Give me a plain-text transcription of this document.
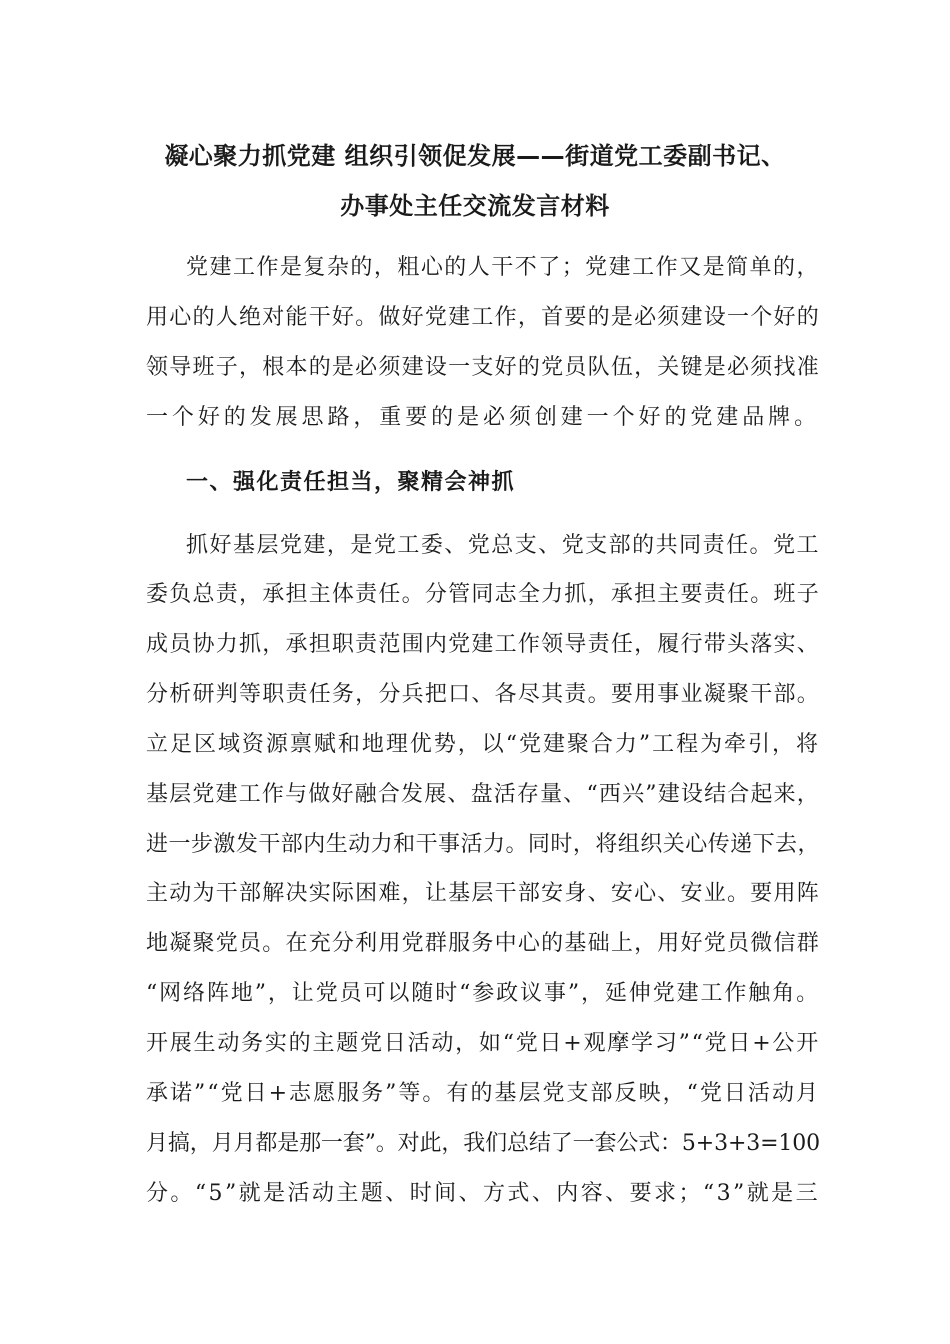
凝心聚力抓党建 组织引领促发展——街道党工委副书记、
办事处主任交流发言材料
党建工作是复杂的，粗心的人干不了；党建工作又是简单的，
用心的人绝对能干好。做好党建工作，首要的是必须建设一个好的
领导班子，根本的是必须建设一支好的党员队伍，关键是必须找准
一个好的发展思路，重要的是必须创建一个好的党建品牌。
一、强化责任担当，聚精会神抓
抓好基层党建，是党工委、党总支、党支部的共同责任。党工
委负总责，承担主体责任。分管同志全力抓，承担主要责任。班子
成员协力抓，承担职责范围内党建工作领导责任，履行带头落实、
分析研判等职责任务，分兵把口、各尽其责。要用事业凝聚干部。
立足区域资源禀赋和地理优势，以“党建聚合力”工程为牵引，将
基层党建工作与做好融合发展、盘活存量、“西兴”建设结合起来，
进一步激发干部内生动力和干事活力。同时，将组织关心传递下去，
主动为干部解决实际困难，让基层干部安身、安心、安业。要用阵
地凝聚党员。在充分利用党群服务中心的基础上，用好党员微信群
“网络阵地”，让党员可以随时“参政议事”，延伸党建工作触角。
开展生动务实的主题党日活动，如“党日+观摩学习”“党日+公开
承诺”“党日+志愿服务”等。有的基层党支部反映，“党日活动月
月搞，月月都是那一套”。对此，我们总结了一套公式：5+3+3=100
分。“5”就是活动主题、时间、方式、内容、要求；“3”就是三
